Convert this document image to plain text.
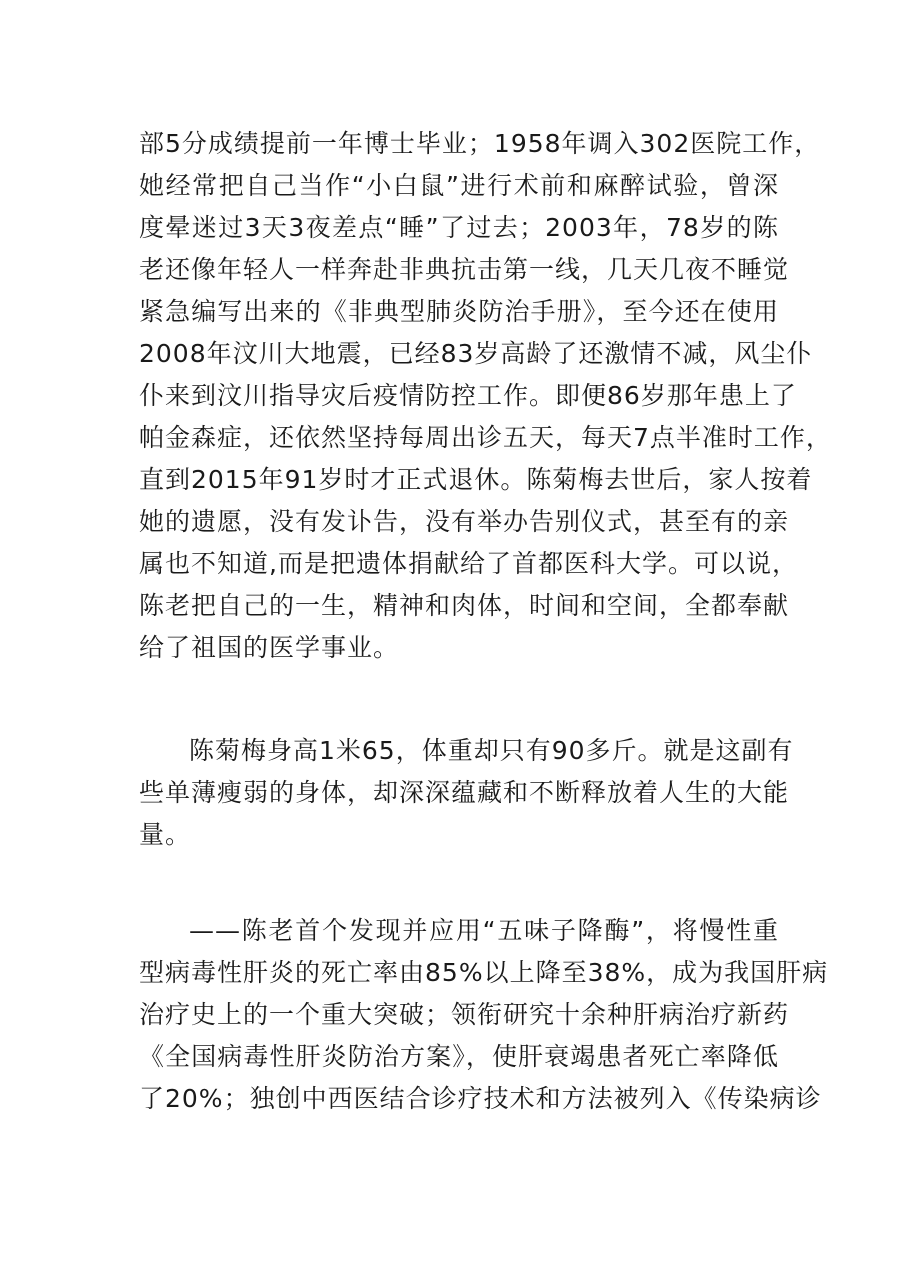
部5分成绩提前一年博士毕业；1958年调入302医院工作，
她经常把自己当作“小白鼠”进行术前和麻醉试验，曾深
度晕迷过3天3夜差点“睡”了过去；2003年，78岁的陈
老还像年轻人一样奔赴非典抗击第一线，几天几夜不睡觉
紧急编写出来的《非典型肺炎防治手册》，至今还在使用
2008年汶川大地震，已经83岁高龄了还激情不减，风尘仆
仆来到汶川指导灾后疫情防控工作。即便86岁那年患上了
帕金森症，还依然坚持每周出诊五天，每天7点半准时工作，
直到2015年91岁时才正式退休。陈菊梅去世后，家人按着
她的遗愿，没有发讣告，没有举办告别仪式，甚至有的亲
属也不知道,而是把遗体捐献给了首都医科大学。可以说，
陈老把自己的一生，精神和肉体，时间和空间，全都奉献
给了祖国的医学事业。
陈菊梅身高1米65，体重却只有90多斤。就是这副有
些单薄瘦弱的身体，却深深蕴藏和不断释放着人生的大能
量。
——陈老首个发现并应用“五味子降酶”，将慢性重
型病毒性肝炎的死亡率由85%以上降至38%，成为我国肝病
治疗史上的一个重大突破；领衔研究十余种肝病治疗新药
《全国病毒性肝炎防治方案》，使肝衰竭患者死亡率降低
了20%；独创中西医结合诊疗技术和方法被列入《传染病诊
